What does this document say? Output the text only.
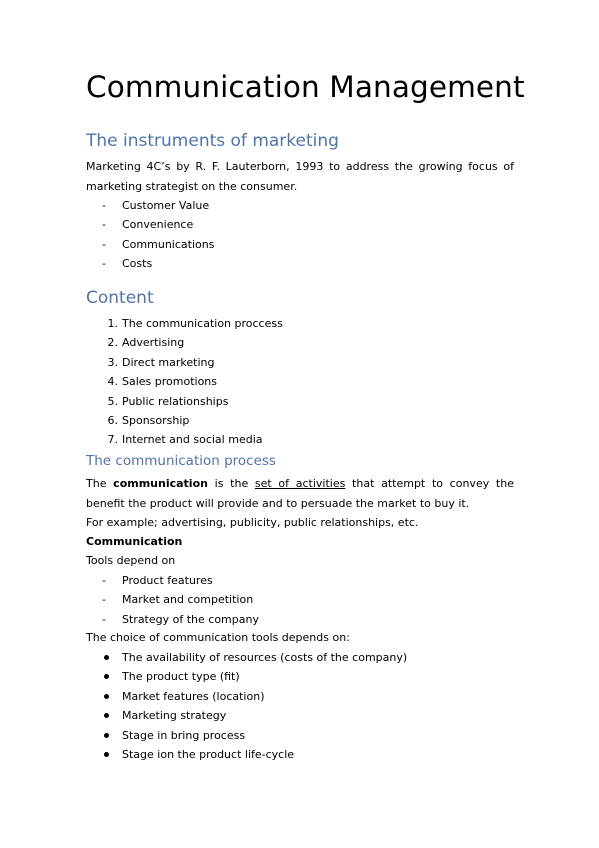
Communication Management
The instruments of marketing

Marketing 4C’s by R. F. Lauterborn, 1993 to address the growing focus of marketing strategist on the consumer.

-	Customer Value
-	Convenience
-	Communications
-	Costs
Content
1. The communication proccess
2. Advertising
3. Direct marketing
4. Sales promotions
5. Public relationships
6. Sponsorship
7. Internet and social media
The communication process

The communication is the set of activities that attempt to convey the benefit the product will provide and to persuade the market to buy it.

For example; advertising, publicity, public relationships, etc.

Communication

Tools depend on

-	Product features
-	Market and competition
-	Strategy of the company

The choice of communication tools depends on:

The availability of resources (costs of the company)
The product type (fit)
Market features (location)
Marketing strategy
Stage in bring process
Stage ion the product life-cycle
